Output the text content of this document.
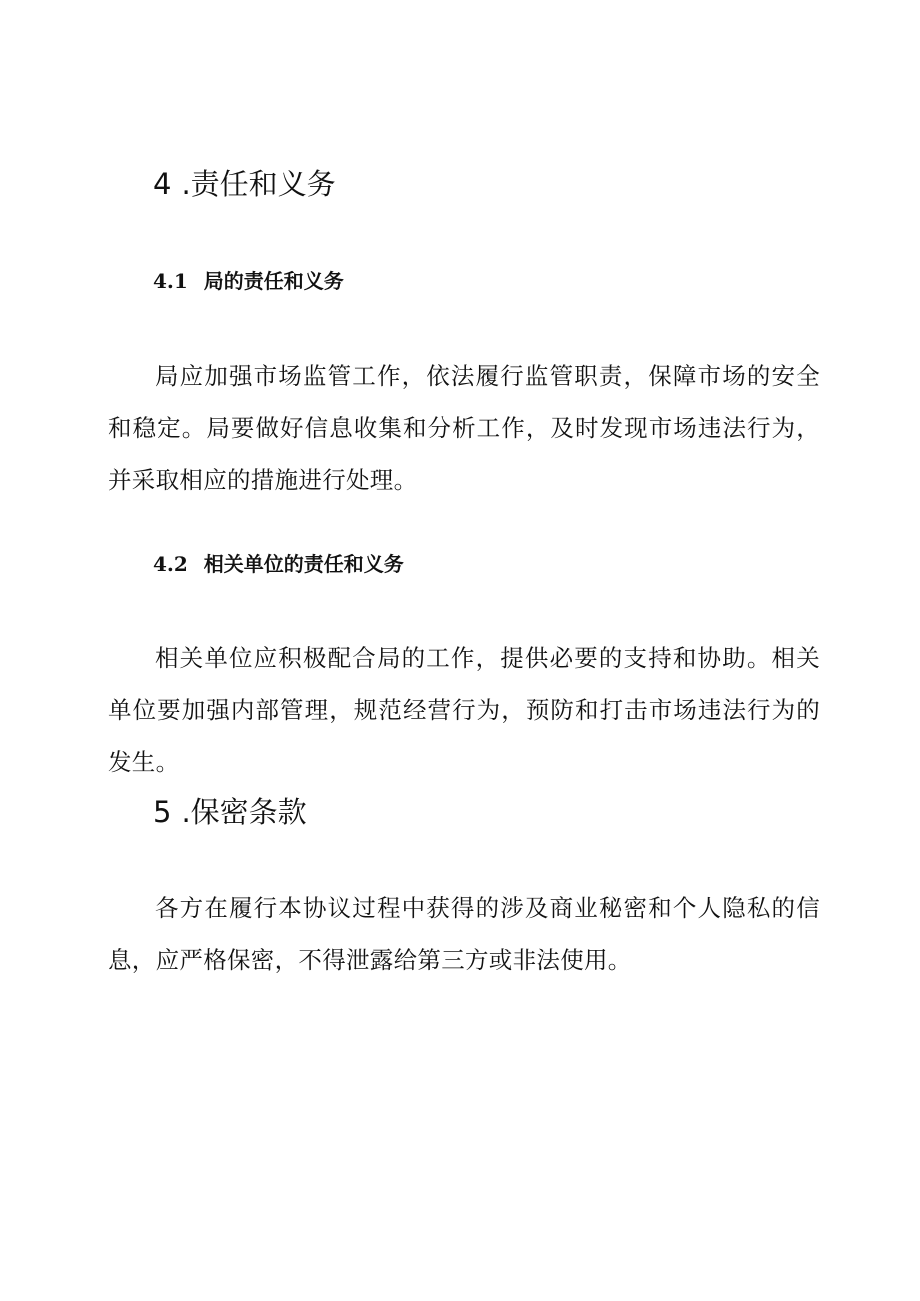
4 .责任和义务
4.1 局的责任和义务

局应加强市场监管工作，依法履行监管职责，保障市场的安全和稳定。局要做好信息收集和分析工作，及时发现市场违法行为，并采取相应的措施进行处理。

4.2 相关单位的责任和义务

相关单位应积极配合局的工作，提供必要的支持和协助。相关单位要加强内部管理，规范经营行为，预防和打击市场违法行为的发生。

5 .保密条款

各方在履行本协议过程中获得的涉及商业秘密和个人隐私的信息，应严格保密，不得泄露给第三方或非法使用。
